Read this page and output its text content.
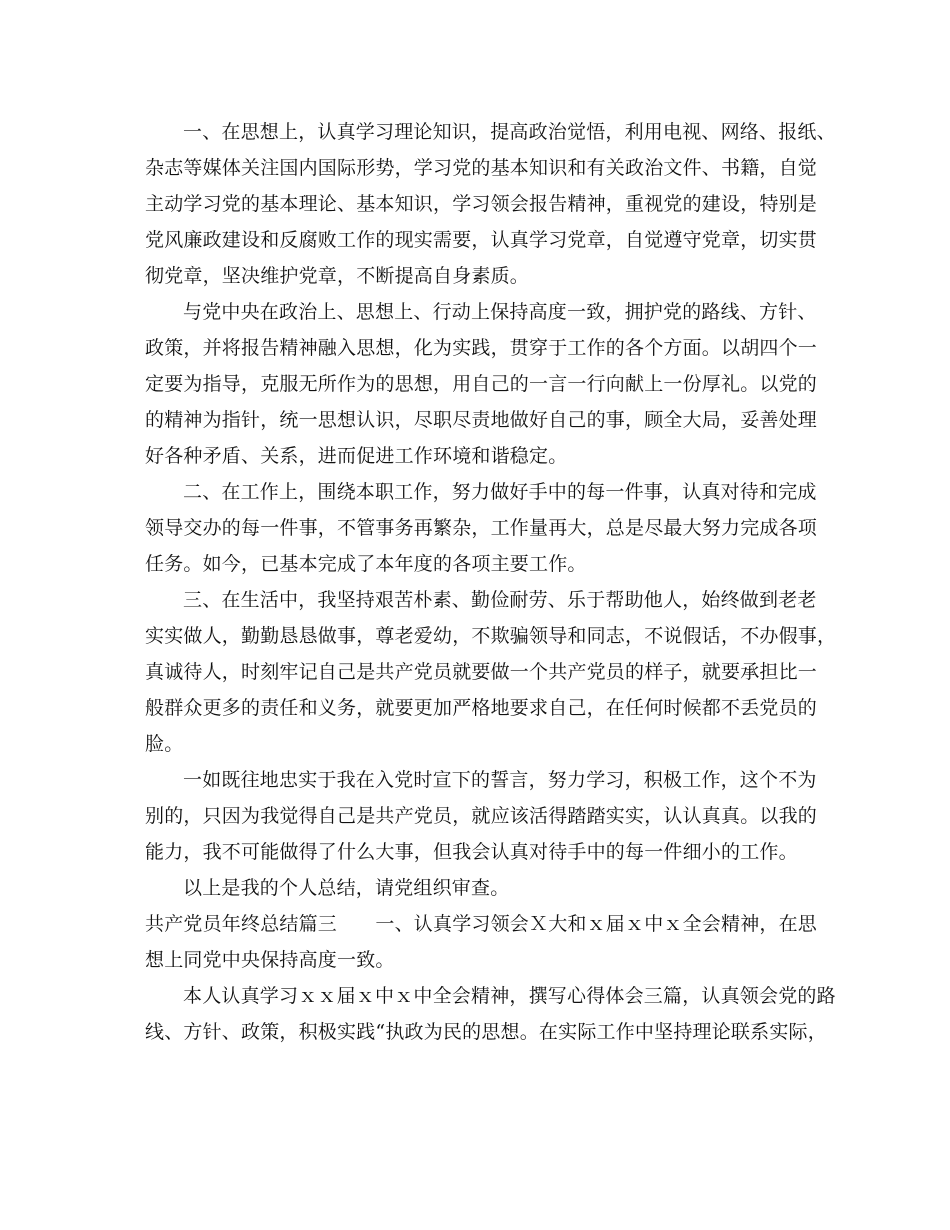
一、在思想上，认真学习理论知识，提高政治觉悟，利用电视、网络、报纸、
杂志等媒体关注国内国际形势，学习党的基本知识和有关政治文件、书籍，自觉
主动学习党的基本理论、基本知识，学习领会报告精神，重视党的建设，特别是
党风廉政建设和反腐败工作的现实需要，认真学习党章，自觉遵守党章，切实贯
彻党章，坚决维护党章，不断提高自身素质。
与党中央在政治上、思想上、行动上保持高度一致，拥护党的路线、方针、
政策，并将报告精神融入思想，化为实践，贯穿于工作的各个方面。以胡四个一
定要为指导，克服无所作为的思想，用自己的一言一行向献上一份厚礼。以党的
的精神为指针，统一思想认识，尽职尽责地做好自己的事，顾全大局，妥善处理
好各种矛盾、关系，进而促进工作环境和谐稳定。
二、在工作上，围绕本职工作，努力做好手中的每一件事，认真对待和完成
领导交办的每一件事，不管事务再繁杂，工作量再大，总是尽最大努力完成各项
任务。如今，已基本完成了本年度的各项主要工作。
三、在生活中，我坚持艰苦朴素、勤俭耐劳、乐于帮助他人，始终做到老老
实实做人，勤勤恳恳做事，尊老爱幼，不欺骗领导和同志，不说假话，不办假事，
真诚待人，时刻牢记自己是共产党员就要做一个共产党员的样子，就要承担比一
般群众更多的责任和义务，就要更加严格地要求自己，在任何时候都不丢党员的
脸。
一如既往地忠实于我在入党时宣下的誓言，努力学习，积极工作，这个不为
别的，只因为我觉得自己是共产党员，就应该活得踏踏实实，认认真真。以我的
能力，我不可能做得了什么大事，但我会认真对待手中的每一件细小的工作。
以上是我的个人总结，请党组织审查。
共产党员年终总结篇三　　一、认真学习领会Ｘ大和ｘ届ｘ中ｘ全会精神，在思
想上同党中央保持高度一致。
本人认真学习ｘｘ届ｘ中ｘ中全会精神，撰写心得体会三篇，认真领会党的路
线、方针、政策，积极实践“执政为民的思想。在实际工作中坚持理论联系实际，
